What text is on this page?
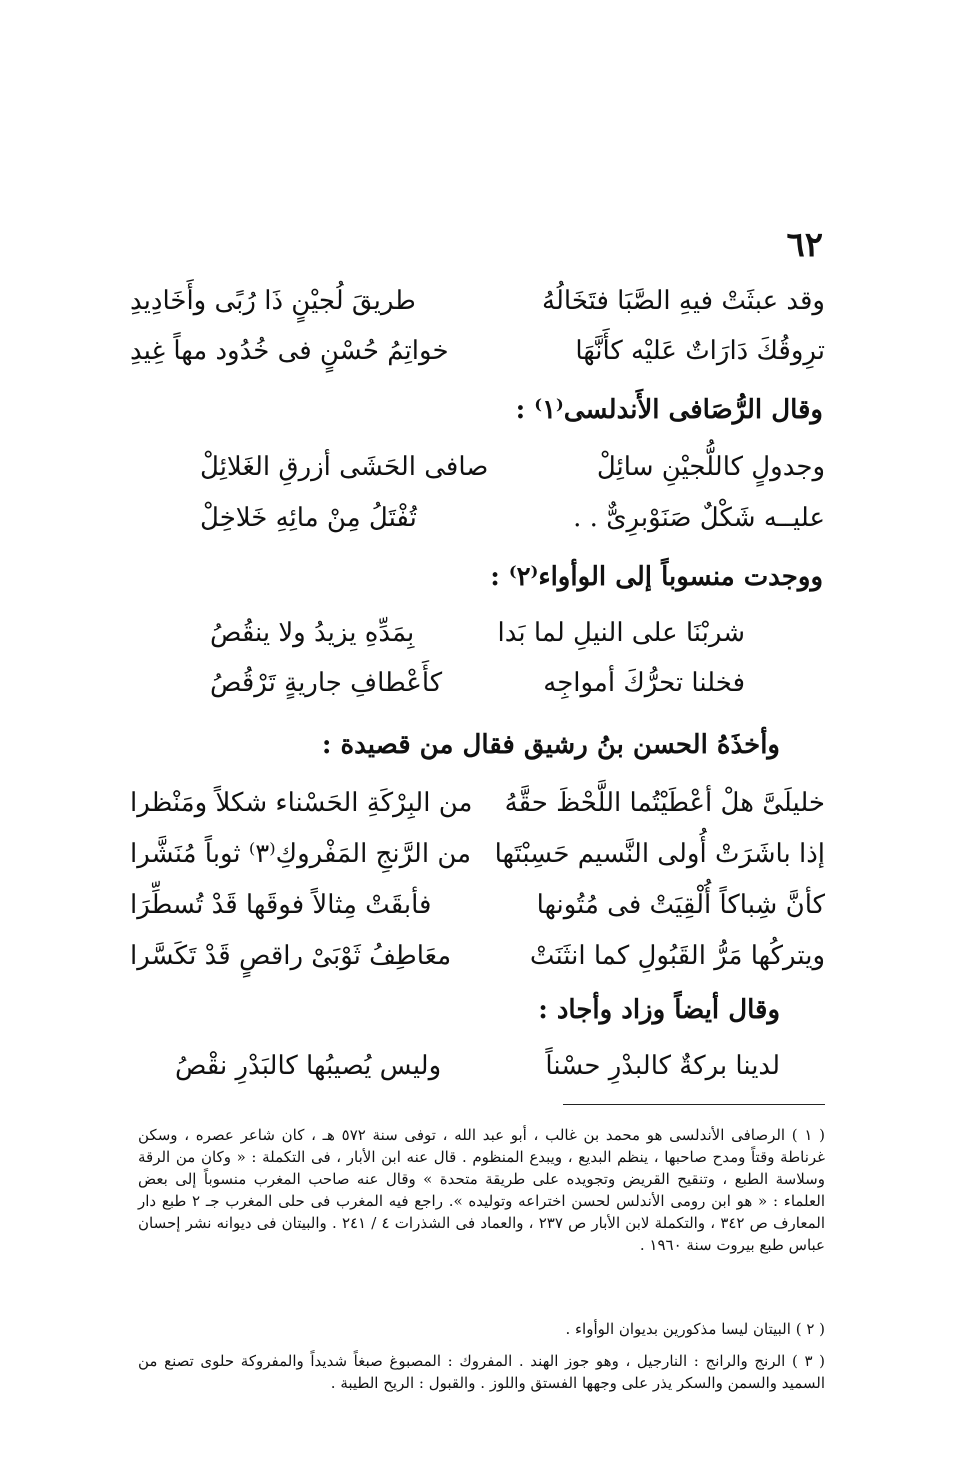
٦٢
وقد عبثَتْ فيهِ الصَّبَا فتَخَالُهُ
طريقَ لُجيْنٍ ذَا رُبًى وأَخَادِيدِ
ترِوقُكَ دَارَاتٌ عَليْه كأَنَّهَا
خواتِمُ حُسْنٍ فى خُدُود مهاً غِيدِ
وقال الرُّصَافى الأَندلسى⁽١⁾ :
وجدولٍ كاللُّجيْنِ سائِلْ
صافى الحَشَى أزرقِ الغَلائِلْ
عليــه شَكْلٌ صَنَوْبرِىٌّ . .
تُفْتَلُ مِنْ مائِهِ خَلاخِلْ
ووجدت منسوباً إلى الوأواء⁽٢⁾ :
شربْنَا على النيلِ لما بَدا
بِمَدِّهِ يزيدُ ولا ينقُصُ
فخلنا تحرُّكَ أمواجِه
كأَعْطافِ جاريةٍ تَرْقُصُ
وأخذَهُ الحسن بنُ رشيق فقال من قصيدة :
خليلَىَّ هلْ أعْطَيْتُما اللَّحْظَ حقَّهُ
من البِرْكَةِ الحَسْناء شكلاً ومَنْظرا
إذا باشَرَتْ أُولى النَّسيم حَسِبْتَها
من الرَّنجِ المَفْروكِ⁽٣⁾ ثوباً مُنَشَّرا
كأنَّ شِباكاً أُلْقِيَتْ فى مُتُونها
فأبقَتْ مِثالاً فوقَها قَدْ تُسطِّرَا
ويتركُها مَرُّ القَبُولِ كما انثَنَتْ
معَاطِفُ ثَوْبَىْ راقصٍ قَدْ تَكَسَّرا
وقال أيضاً وزاد وأجاد :
لدينا بركةٌ كالبدْرِ حسْناً
وليس يُصيبُها كالبَدْرِ نقْصُ
( ١ ) الرصافى الأندلسى هو محمد بن غالب ، أبو عبد الله ، توفى سنة ٥٧٢ هـ ، كان شاعر عصره ، وسكن غرناطة وقتاً ومدح صاحبها ، ينظم البديع ، ويبدع المنظوم . قال عنه ابن الأبار ، فى التكملة : « وكان من الرقة وسلاسة الطبع ، وتنقيح القريض وتجويده على طريقة متحدة » وقال عنه صاحب المغرب منسوباً إلى بعض العلماء : « هو ابن رومى الأندلس لحسن اختراعه وتوليده ». راجع فيه المغرب فى حلى المغرب جـ ٢ طبع دار المعارف ص ٣٤٢ ، والتكملة لابن الأبار ص ٢٣٧ ، والعماد فى الشذرات ٤ / ٢٤١ . والبيتان فى ديوانه نشر إحسان عباس طبع بيروت سنة ١٩٦٠ .
( ٢ ) البيتان ليسا مذكورين بديوان الوأواء .
( ٣ ) الرنج والرانج : النارجيل ، وهو جوز الهند . المفروك : المصبوغ صبغاً شديداً والمفروكة حلوى تصنع من السميد والسمن والسكر يذر على وجهها الفستق واللوز . والقبول : الريح الطيبة .
